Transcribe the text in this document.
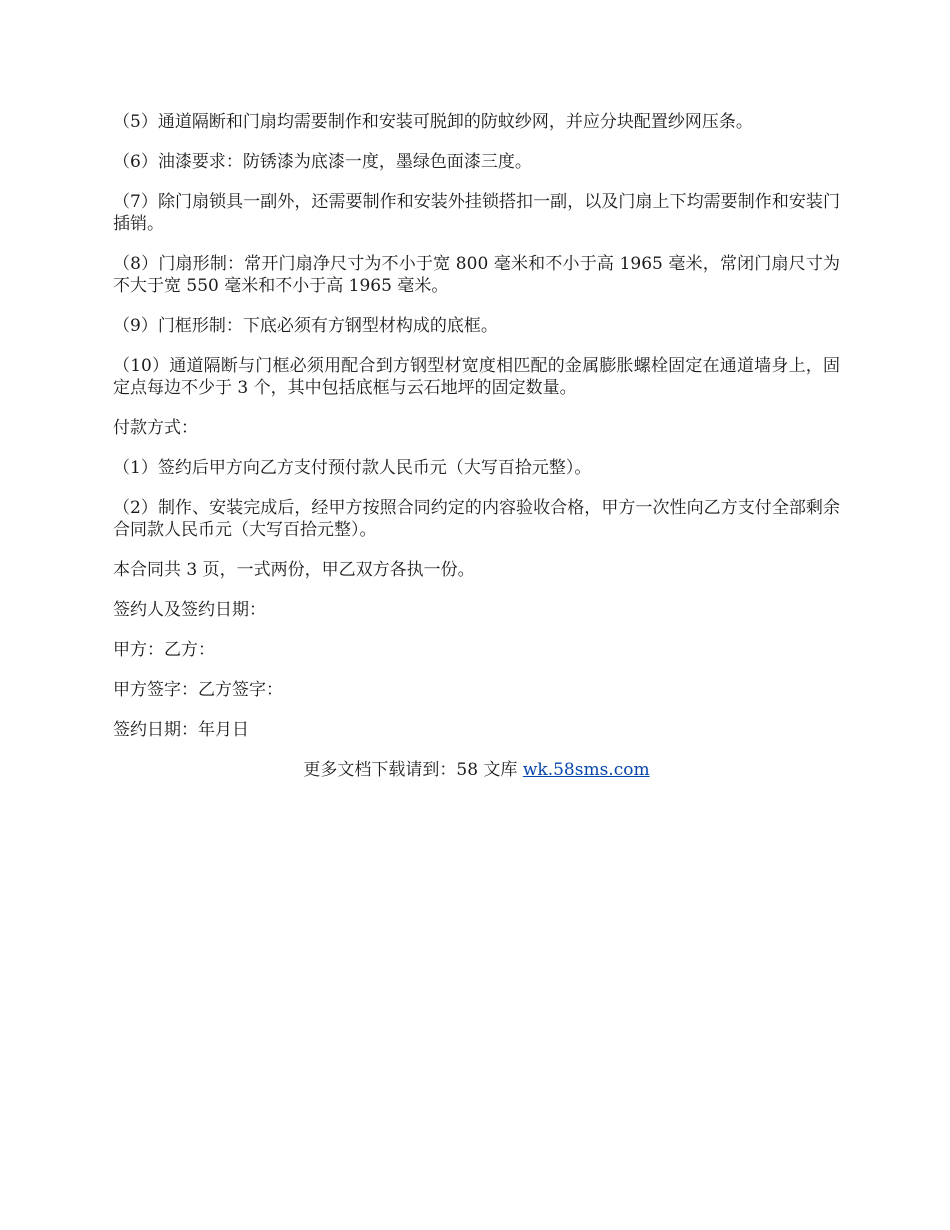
（5）通道隔断和门扇均需要制作和安装可脱卸的防蚊纱网，并应分块配置纱网压条。

（6）油漆要求：防锈漆为底漆一度，墨绿色面漆三度。

（7）除门扇锁具一副外，还需要制作和安装外挂锁搭扣一副，以及门扇上下均需要制作和安装门插销。

（8）门扇形制：常开门扇净尺寸为不小于宽 800 毫米和不小于高 1965 毫米，常闭门扇尺寸为不大于宽 550 毫米和不小于高 1965 毫米。

（9）门框形制：下底必须有方钢型材构成的底框。

（10）通道隔断与门框必须用配合到方钢型材宽度相匹配的金属膨胀螺栓固定在通道墙身上，固定点每边不少于 3 个，其中包括底框与云石地坪的固定数量。

付款方式：

（1）签约后甲方向乙方支付预付款人民币元（大写百拾元整）。

（2）制作、安装完成后，经甲方按照合同约定的内容验收合格，甲方一次性向乙方支付全部剩余合同款人民币元（大写百拾元整）。

本合同共 3 页，一式两份，甲乙双方各执一份。

签约人及签约日期：

甲方：乙方：

甲方签字：乙方签字：

签约日期：年月日

更多文档下载请到：58 文库 wk.58sms.com
